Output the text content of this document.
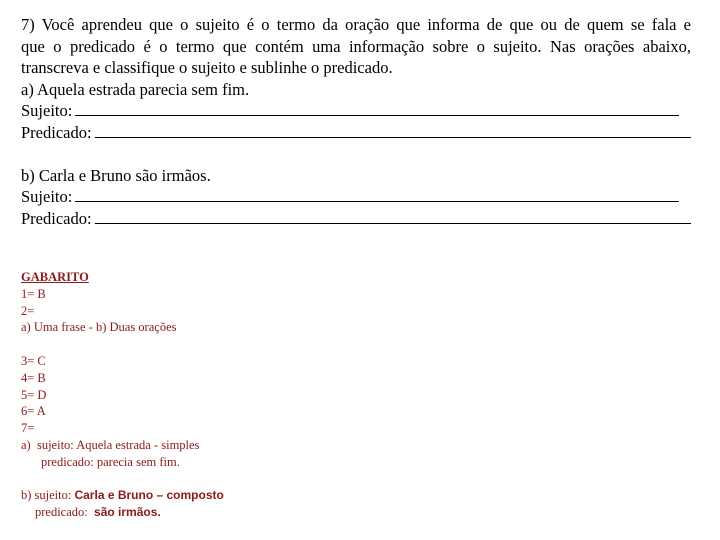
7) Você aprendeu que o sujeito é o termo da oração que informa de que ou de quem se fala e

que o predicado é o termo que contém uma informação sobre o sujeito. Nas orações abaixo,

transcreva e classifique o sujeito e sublinhe o predicado.

a) Aquela estrada parecia sem fim.

Sujeito:
Predicado:

b) Carla e Bruno são irmãos.

Sujeito:
Predicado:

GABARITO

1= B

2=

a) Uma frase - b) Duas orações

3= C

4= B

5= D

6= A

7=

a)  sujeito: Aquela estrada - simples

predicado: parecia sem fim.

b) sujeito: Carla e Bruno – composto

predicado:  são irmãos.
